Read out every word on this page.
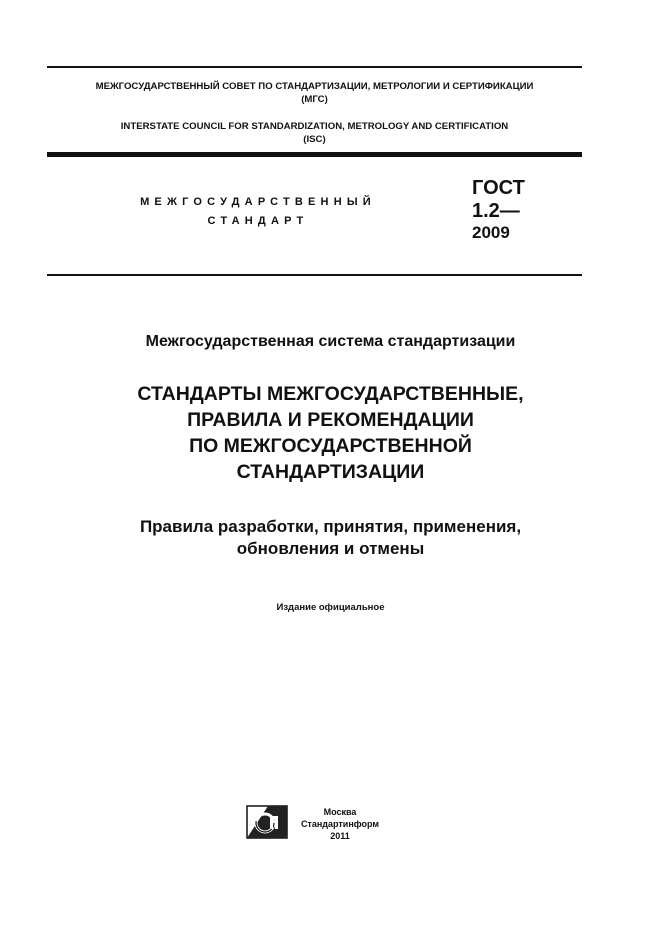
МЕЖГОСУДАРСТВЕННЫЙ СОВЕТ ПО СТАНДАРТИЗАЦИИ, МЕТРОЛОГИИ И СЕРТИФИКАЦИИ
(МГС)
INTERSTATE COUNCIL FOR STANDARDIZATION, METROLOGY AND CERTIFICATION
(ISC)
МЕЖГОСУДАРСТВЕННЫЙ
СТАНДАРТ
ГОСТ
1.2—
2009
Межгосударственная система стандартизации
СТАНДАРТЫ МЕЖГОСУДАРСТВЕННЫЕ,
ПРАВИЛА И РЕКОМЕНДАЦИИ
ПО МЕЖГОСУДАРСТВЕННОЙ
СТАНДАРТИЗАЦИИ
Правила разработки, принятия, применения,
обновления и отмены
Издание официальное
Москва
Стандартинформ
2011
